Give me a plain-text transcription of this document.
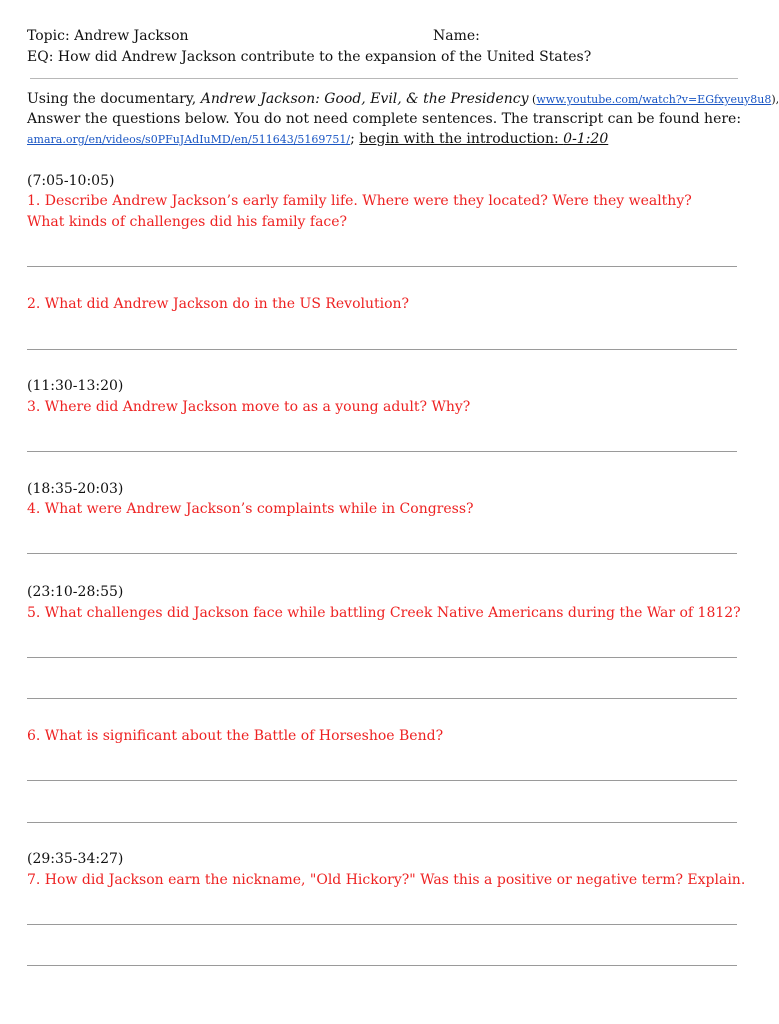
Topic: Andrew Jackson	Name:
EQ: How did Andrew Jackson contribute to the expansion of the United States?
Using the documentary, Andrew Jackson: Good, Evil, & the Presidency (www.youtube.com/watch?v=EGfxyeuy8u8),
Answer the questions below. You do not need complete sentences. The transcript can be found here:
amara.org/en/videos/s0PFuJAdIuMD/en/511643/5169751/; begin with the introduction: 0-1:20
(7:05-10:05)
1. Describe Andrew Jackson’s early family life. Where were they located? Were they wealthy?
What kinds of challenges did his family face?
2. What did Andrew Jackson do in the US Revolution?
(11:30-13:20)
3. Where did Andrew Jackson move to as a young adult? Why?
(18:35-20:03)
4. What were Andrew Jackson’s complaints while in Congress?
(23:10-28:55)
5. What challenges did Jackson face while battling Creek Native Americans during the War of 1812?
6. What is significant about the Battle of Horseshoe Bend?
(29:35-34:27)
7. How did Jackson earn the nickname, "Old Hickory?" Was this a positive or negative term? Explain.
